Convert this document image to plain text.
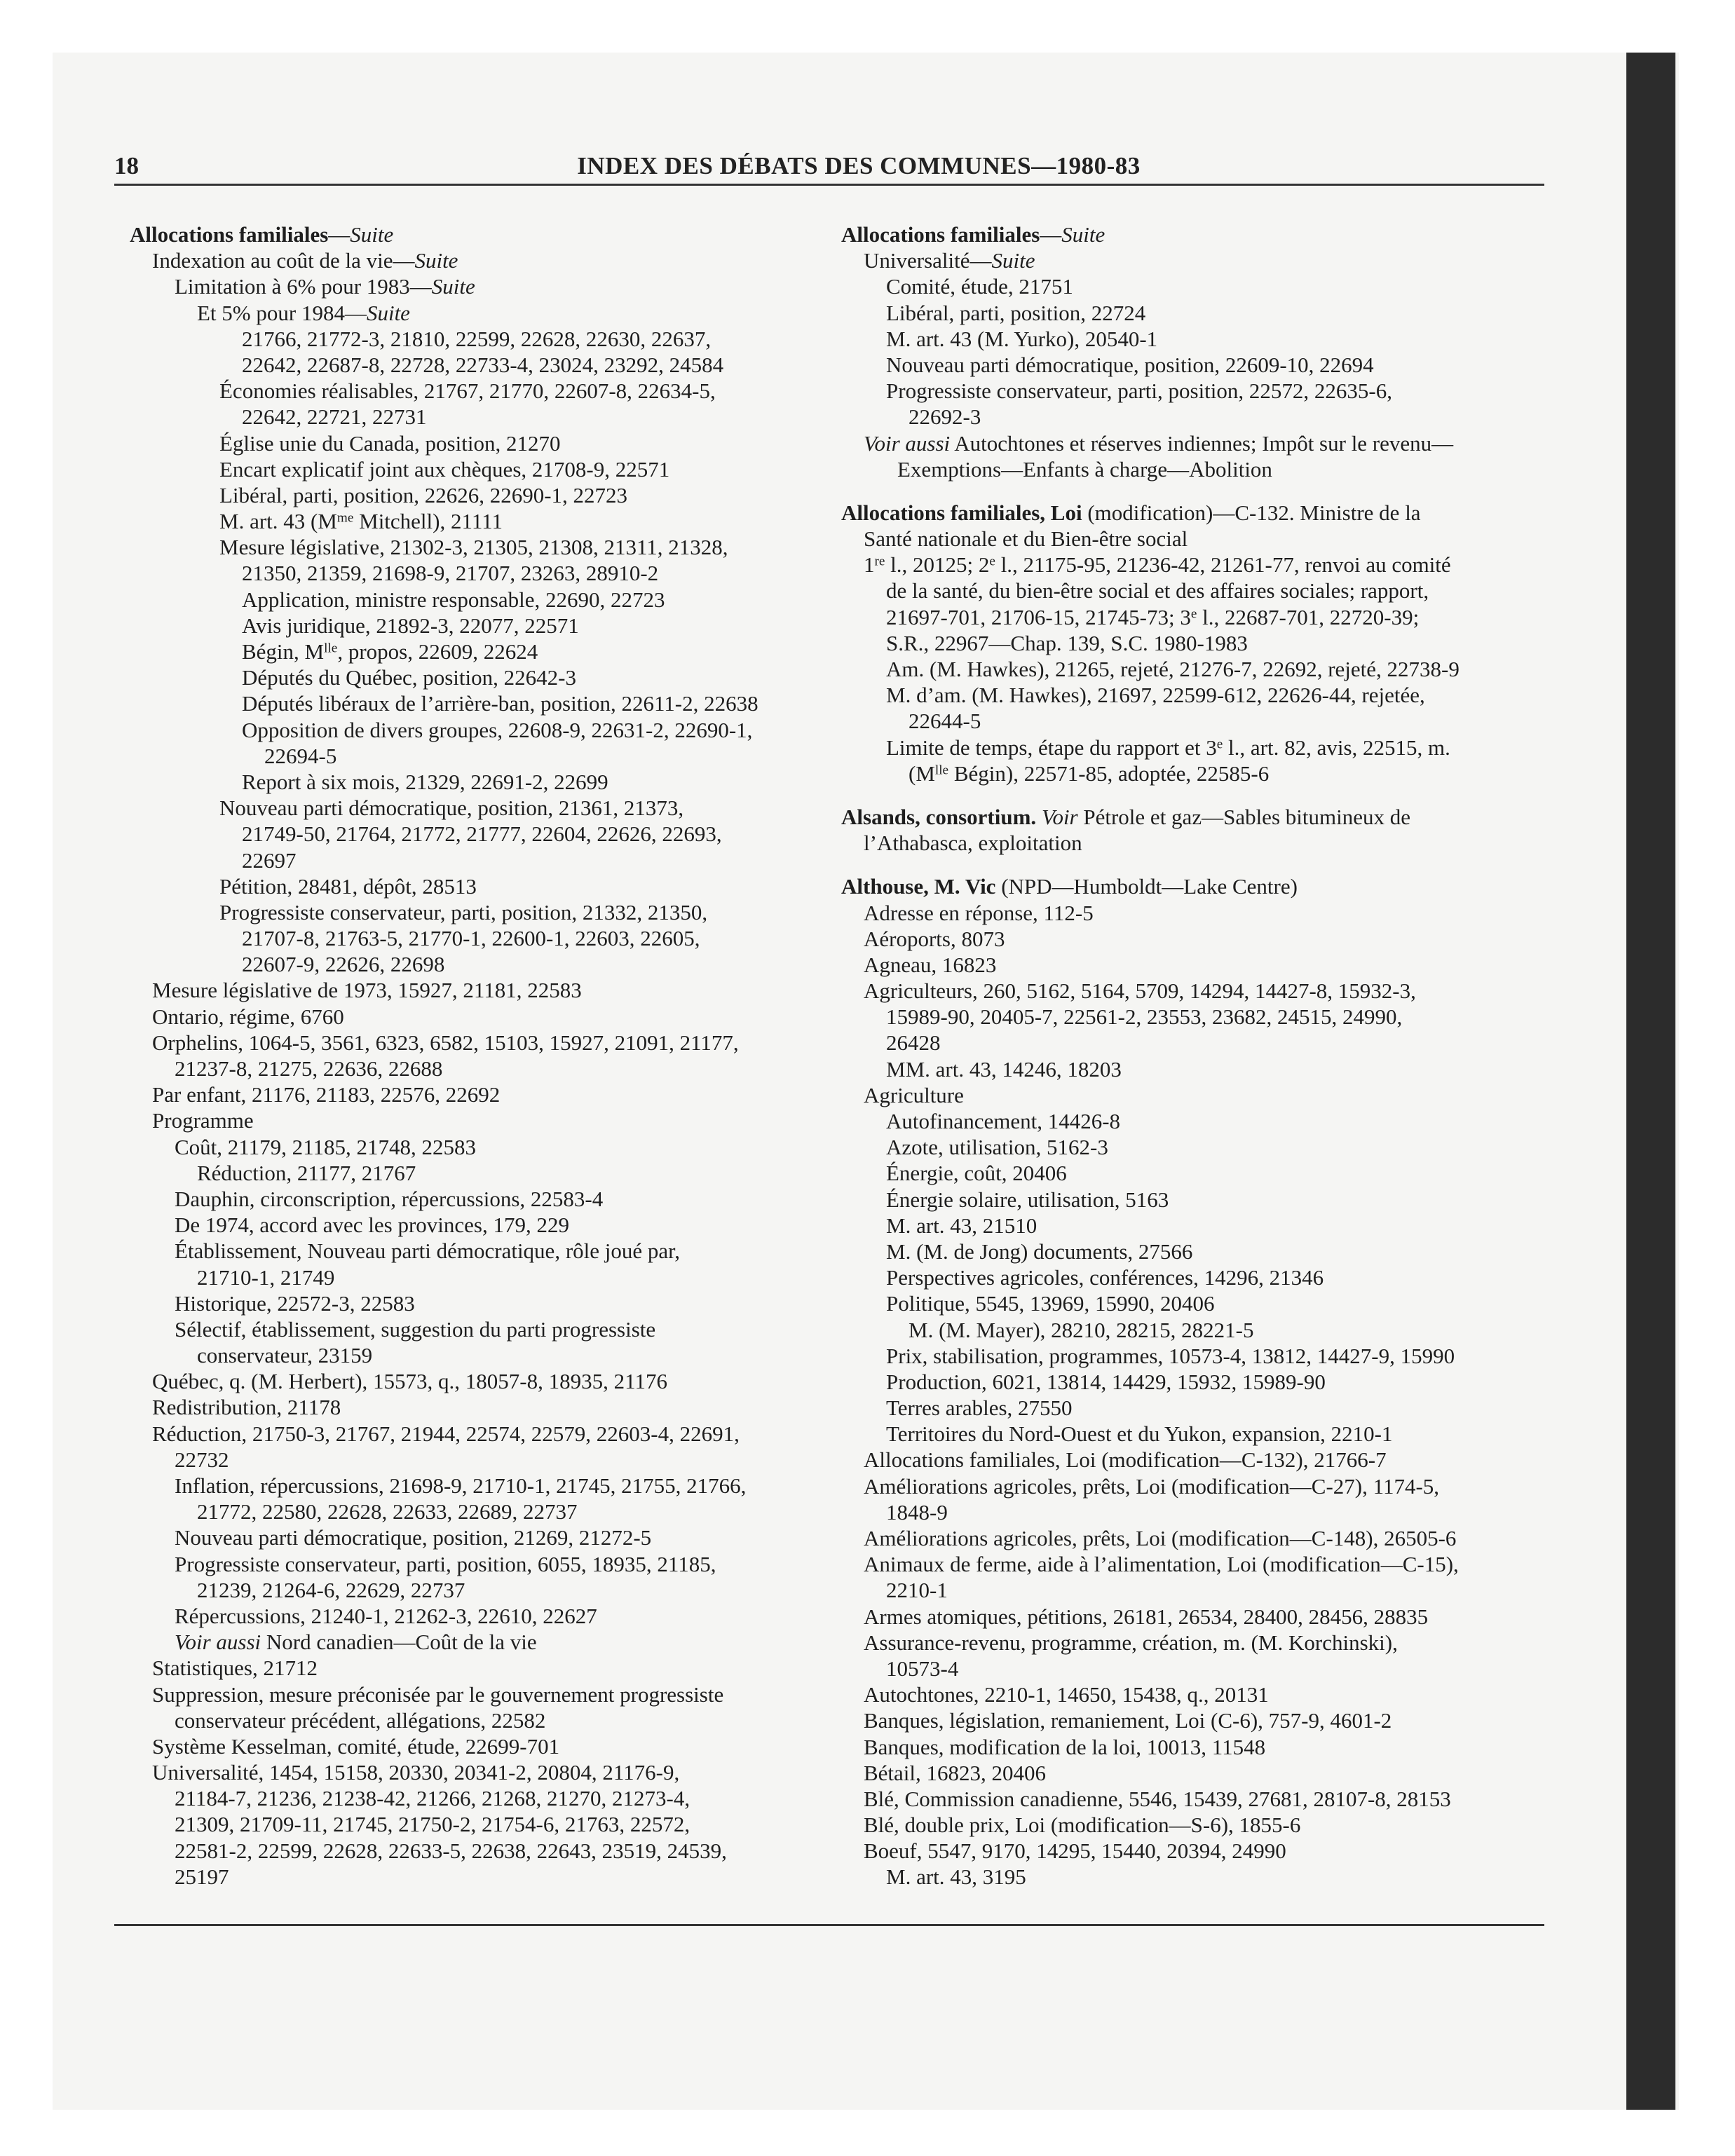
18	INDEX DES DÉBATS DES COMMUNES—1980-83
Allocations familiales—Suite
Indexation au coût de la vie—Suite
Limitation à 6% pour 1983—Suite
Et 5% pour 1984—Suite
21766, 21772-3, 21810, 22599, 22628, 22630, 22637,
22642, 22687-8, 22728, 22733-4, 23024, 23292, 24584
Économies réalisables, 21767, 21770, 22607-8, 22634-5,
22642, 22721, 22731
Église unie du Canada, position, 21270
Encart explicatif joint aux chèques, 21708-9, 22571
Libéral, parti, position, 22626, 22690-1, 22723
M. art. 43 ($M^{me}$ Mitchell), 21111
Mesure législative, 21302-3, 21305, 21308, 21311, 21328,
21350, 21359, 21698-9, 21707, 23263, 28910-2
Application, ministre responsable, 22690, 22723
Avis juridique, 21892-3, 22077, 22571
Bégin, $M^{lle}$, propos, 22609, 22624
Députés du Québec, position, 22642-3
Députés libéraux de l’arrière-ban, position, 22611-2, 22638
Opposition de divers groupes, 22608-9, 22631-2, 22690-1,
22694-5
Report à six mois, 21329, 22691-2, 22699
Nouveau parti démocratique, position, 21361, 21373,
21749-50, 21764, 21772, 21777, 22604, 22626, 22693,
22697
Pétition, 28481, dépôt, 28513
Progressiste conservateur, parti, position, 21332, 21350,
21707-8, 21763-5, 21770-1, 22600-1, 22603, 22605,
22607-9, 22626, 22698
Mesure législative de 1973, 15927, 21181, 22583
Ontario, régime, 6760
Orphelins, 1064-5, 3561, 6323, 6582, 15103, 15927, 21091, 21177,
21237-8, 21275, 22636, 22688
Par enfant, 21176, 21183, 22576, 22692
Programme
Coût, 21179, 21185, 21748, 22583
Réduction, 21177, 21767
Dauphin, circonscription, répercussions, 22583-4
De 1974, accord avec les provinces, 179, 229
Établissement, Nouveau parti démocratique, rôle joué par,
21710-1, 21749
Historique, 22572-3, 22583
Sélectif, établissement, suggestion du parti progressiste
conservateur, 23159
Québec, q. (M. Herbert), 15573, q., 18057-8, 18935, 21176
Redistribution, 21178
Réduction, 21750-3, 21767, 21944, 22574, 22579, 22603-4, 22691,
22732
Inflation, répercussions, 21698-9, 21710-1, 21745, 21755, 21766,
21772, 22580, 22628, 22633, 22689, 22737
Nouveau parti démocratique, position, 21269, 21272-5
Progressiste conservateur, parti, position, 6055, 18935, 21185,
21239, 21264-6, 22629, 22737
Répercussions, 21240-1, 21262-3, 22610, 22627
Voir aussi Nord canadien—Coût de la vie
Statistiques, 21712
Suppression, mesure préconisée par le gouvernement progressiste
conservateur précédent, allégations, 22582
Système Kesselman, comité, étude, 22699-701
Universalité, 1454, 15158, 20330, 20341-2, 20804, 21176-9,
21184-7, 21236, 21238-42, 21266, 21268, 21270, 21273-4,
21309, 21709-11, 21745, 21750-2, 21754-6, 21763, 22572,
22581-2, 22599, 22628, 22633-5, 22638, 22643, 23519, 24539,
25197
Allocations familiales—Suite
Universalité—Suite
Comité, étude, 21751
Libéral, parti, position, 22724
M. art. 43 (M. Yurko), 20540-1
Nouveau parti démocratique, position, 22609-10, 22694
Progressiste conservateur, parti, position, 22572, 22635-6,
22692-3
Voir aussi Autochtones et réserves indiennes; Impôt sur le revenu—
Exemptions—Enfants à charge—Abolition
Allocations familiales, Loi (modification)—C-132. Ministre de la
Santé nationale et du Bien-être social
1re l., 20125; 2e l., 21175-95, 21236-42, 21261-77, renvoi au comité
de la santé, du bien-être social et des affaires sociales; rapport,
21697-701, 21706-15, 21745-73; 3e l., 22687-701, 22720-39;
S.R., 22967—Chap. 139, S.C. 1980-1983
Am. (M. Hawkes), 21265, rejeté, 21276-7, 22692, rejeté, 22738-9
M. d’am. (M. Hawkes), 21697, 22599-612, 22626-44, rejetée,
22644-5
Limite de temps, étape du rapport et 3e l., art. 82, avis, 22515, m.
($M^{lle}$ Bégin), 22571-85, adoptée, 22585-6
Alsands, consortium. Voir Pétrole et gaz—Sables bitumineux de
l’Athabasca, exploitation
Althouse, M. Vic (NPD—Humboldt—Lake Centre)
Adresse en réponse, 112-5
Aéroports, 8073
Agneau, 16823
Agriculteurs, 260, 5162, 5164, 5709, 14294, 14427-8, 15932-3,
15989-90, 20405-7, 22561-2, 23553, 23682, 24515, 24990,
26428
MM. art. 43, 14246, 18203
Agriculture
Autofinancement, 14426-8
Azote, utilisation, 5162-3
Énergie, coût, 20406
Énergie solaire, utilisation, 5163
M. art. 43, 21510
M. (M. de Jong) documents, 27566
Perspectives agricoles, conférences, 14296, 21346
Politique, 5545, 13969, 15990, 20406
M. (M. Mayer), 28210, 28215, 28221-5
Prix, stabilisation, programmes, 10573-4, 13812, 14427-9, 15990
Production, 6021, 13814, 14429, 15932, 15989-90
Terres arables, 27550
Territoires du Nord-Ouest et du Yukon, expansion, 2210-1
Allocations familiales, Loi (modification—C-132), 21766-7
Améliorations agricoles, prêts, Loi (modification—C-27), 1174-5,
1848-9
Améliorations agricoles, prêts, Loi (modification—C-148), 26505-6
Animaux de ferme, aide à l’alimentation, Loi (modification—C-15),
2210-1
Armes atomiques, pétitions, 26181, 26534, 28400, 28456, 28835
Assurance-revenu, programme, création, m. (M. Korchinski),
10573-4
Autochtones, 2210-1, 14650, 15438, q., 20131
Banques, législation, remaniement, Loi (C-6), 757-9, 4601-2
Banques, modification de la loi, 10013, 11548
Bétail, 16823, 20406
Blé, Commission canadienne, 5546, 15439, 27681, 28107-8, 28153
Blé, double prix, Loi (modification—S-6), 1855-6
Boeuf, 5547, 9170, 14295, 15440, 20394, 24990
M. art. 43, 3195
